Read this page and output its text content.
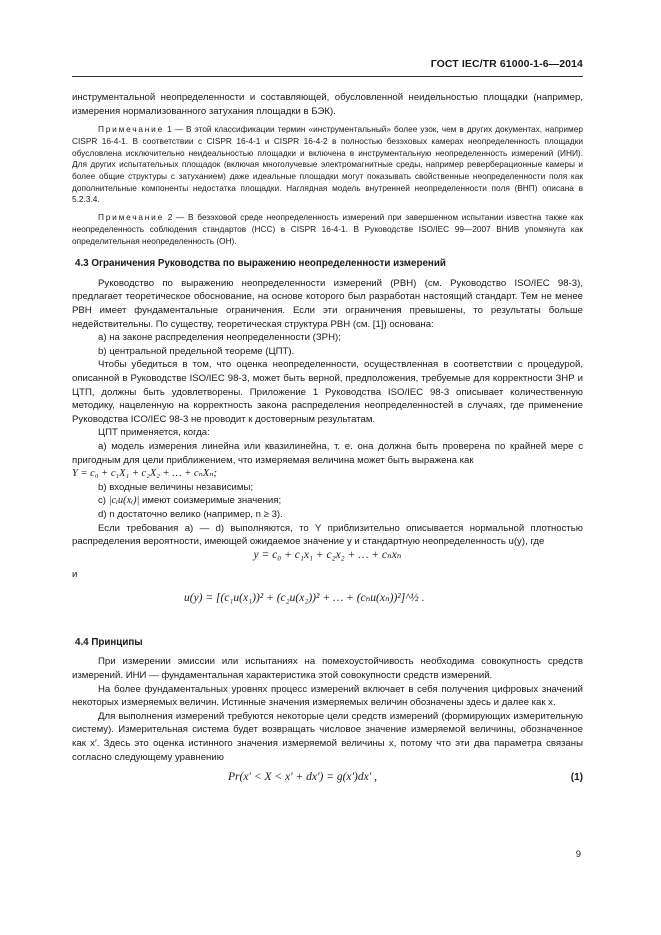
ГОСТ IEC/TR 61000-1-6—2014

инструментальной неопределенности и составляющей, обусловленной неидельностью площадки (например, измерения нормализованного затухания площадки в БЭК).

Примечание 1 — В этой классификации термин «инструментальный» более узок, чем в других документах, например CISPR 16-4-1. В соответствии с CISPR 16-4-1 и CISPR 16-4-2 в полностью безэховых камерах неопределенность площадки обусловлена исключительно неидеальностью площадки и включена в инструментальную неопределенность измерений (ИНИ). Для других испытательных площадок (включая многолучевые электромагнитные среды, например реверберационные камеры и более общие структуры с затуханием) даже идеальные площадки могут показывать свойственные неопределенности поля как дополнительные компоненты недостатка площадки. Наглядная модель внутренней неопределенности поля (ВНП) описана в 5.2.3.4.

Примечание 2 — В безэховой среде неопределенность измерений при завершенном испытании известна также как неопределенность соблюдения стандартов (НСС) в CISPR 16-4-1. В Руководстве ISO/IEC 99—2007 ВНИВ упомянута как определительная неопределенность (ОН).

4.3 Ограничения Руководства по выражению неопределенности измерений

Руководство по выражению неопределенности измерений (РВН) (см. Руководство ISO/IEC 98-3), предлагает теоретическое обоснование, на основе которого был разработан настоящий стандарт. Тем не менее РВН имеет фундаментальные ограничения. Если эти ограничения превышены, то результаты больше недействительны. По существу, теоретическая структура РВН (см. [1]) основана:

а) на законе распределения неопределенности (ЗРН);

b) центральной предельной теореме (ЦПТ).

Чтобы убедиться в том, что оценка неопределенности, осуществленная в соответствии с процедурой, описанной в Руководстве ISO/IEC 98-3, может быть верной, предположения, требуемые для корректности ЗНР и ЦТП, должны быть удовлетворены. Приложение 1 Руководства ISO/IEC 98-3 описывает количественную методику, нацеленную на корректность закона распределения неопределенностей в случаях, где применение Руководства ICO/IEC 98-3 не проводит к достоверным результатам.

ЦПТ применяется, когда:

а) модель измерения линейна или квазилинейна, т. е. она должна быть проверена по крайней мере с пригодным для цели приближением, что измеряемая величина может быть выражена как

Y = c₀ + c₁X₁ + c₂X₂ + … + cₙXₙ;

b) входные величины независимы;

c) |cᵢu(xᵢ)| имеют соизмеримые значения;

d) n достаточно велико (например, n ≥ 3).

Если требования а) — d) выполняются, то Y приблизительно описывается нормальной плотностью распределения вероятности, имеющей ожидаемое значение y и стандартную неопределенность u(y), где

y = c₀ + c₁x₁ + c₂x₂ + … + cₙxₙ

и

u(y) = [(c₁u(x₁))² + (c₂u(x₂))² + … + (cₙu(xₙ))²]^½ .
4.4 Принципы

При измерении эмиссии или испытаниях на помехоустойчивость необходима совокупность средств измерений. ИНИ — фундаментальная характеристика этой совокупности средств измерений.

На более фундаментальных уровнях процесс измерений включает в себя получения цифровых значений некоторых измеряемых величин. Истинные значения измеряемых величин обозначены здесь и далее как x.

Для выполнения измерений требуются некоторые цели средств измерений (формирующих измерительную систему). Измерительная система будет возвращать числовое значение измеряемой величины, обозначенное как x′. Здесь это оценка истинного значения измеряемой величины x, потому что эти два параметра связаны согласно следующему уравнению

Pr(x′ < X < x′ + dx′) = g(x′)dx′ ,	(1)
9
